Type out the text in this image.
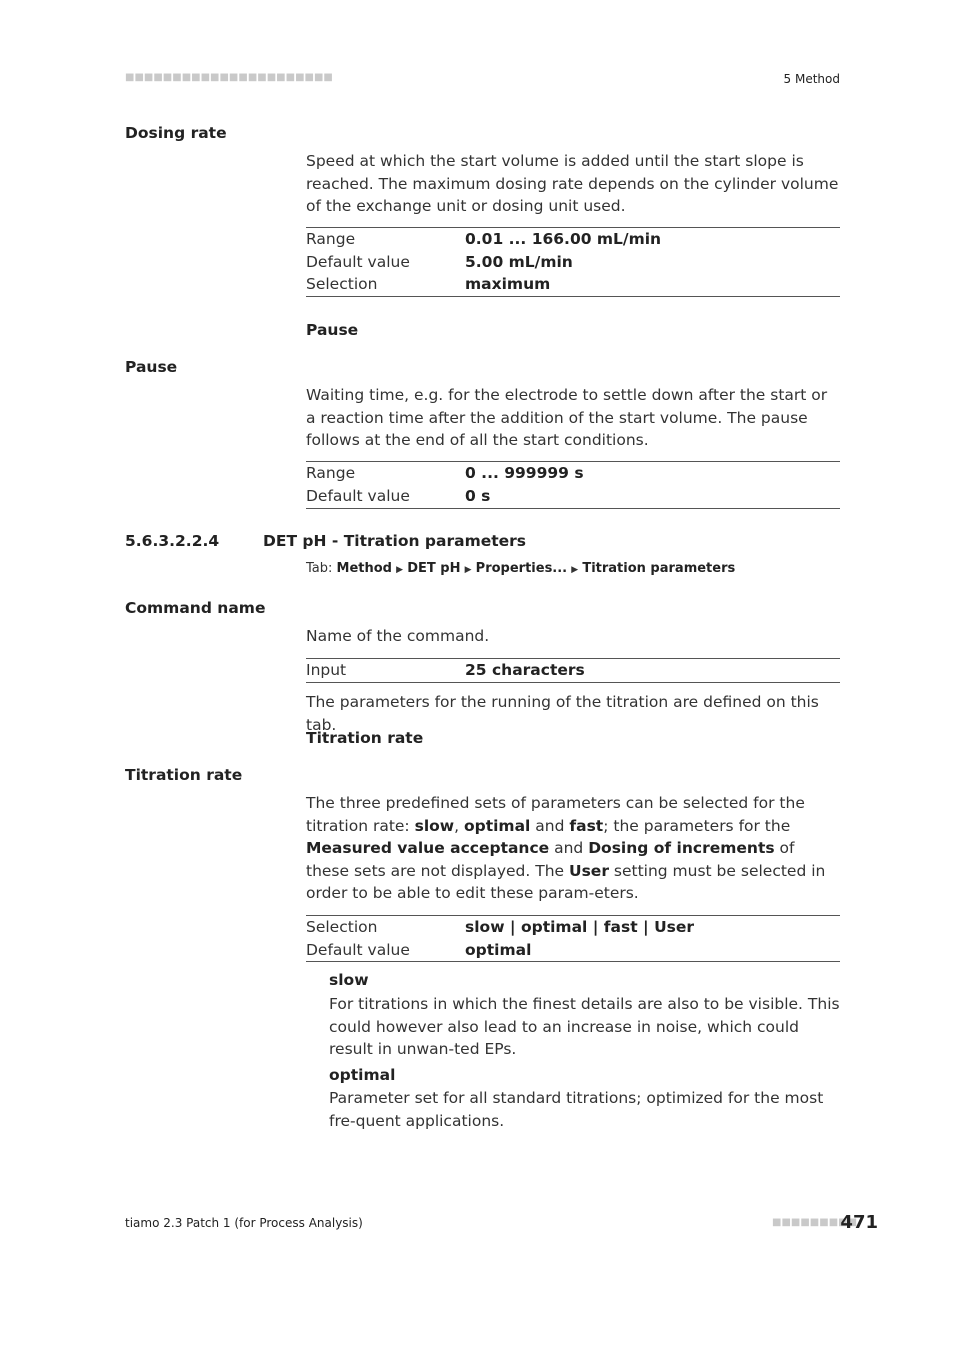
■■■■■■■■■■■■■■■■■■■■■■	5 Method
Dosing rate
Speed at which the start volume is added until the start slope is reached. The maximum dosing rate depends on the cylinder volume of the exchange unit or dosing unit used.
Range	0.01 ... 166.00 mL/min
Default value	5.00 mL/min
Selection	maximum
Pause
Pause
Waiting time, e.g. for the electrode to settle down after the start or a reaction time after the addition of the start volume. The pause follows at the end of all the start conditions.
Range	0 ... 999999 s
Default value	0 s
5.6.3.2.2.4	DET pH - Titration parameters
Tab: Method ▶ DET pH ▶ Properties... ▶ Titration parameters
Command name
Name of the command.
Input	25 characters
The parameters for the running of the titration are defined on this tab.
Titration rate
Titration rate
The three predefined sets of parameters can be selected for the titration rate: slow, optimal and fast; the parameters for the Measured value acceptance and Dosing of increments of these sets are not displayed. The User setting must be selected in order to be able to edit these param-eters.
Selection	slow | optimal | fast | User
Default value	optimal
slow
For titrations in which the finest details are also to be visible. This could however also lead to an increase in noise, which could result in unwan-ted EPs.
optimal
Parameter set for all standard titrations; optimized for the most fre-quent applications.
tiamo 2.3 Patch 1 (for Process Analysis)	■■■■■■■■■
471
